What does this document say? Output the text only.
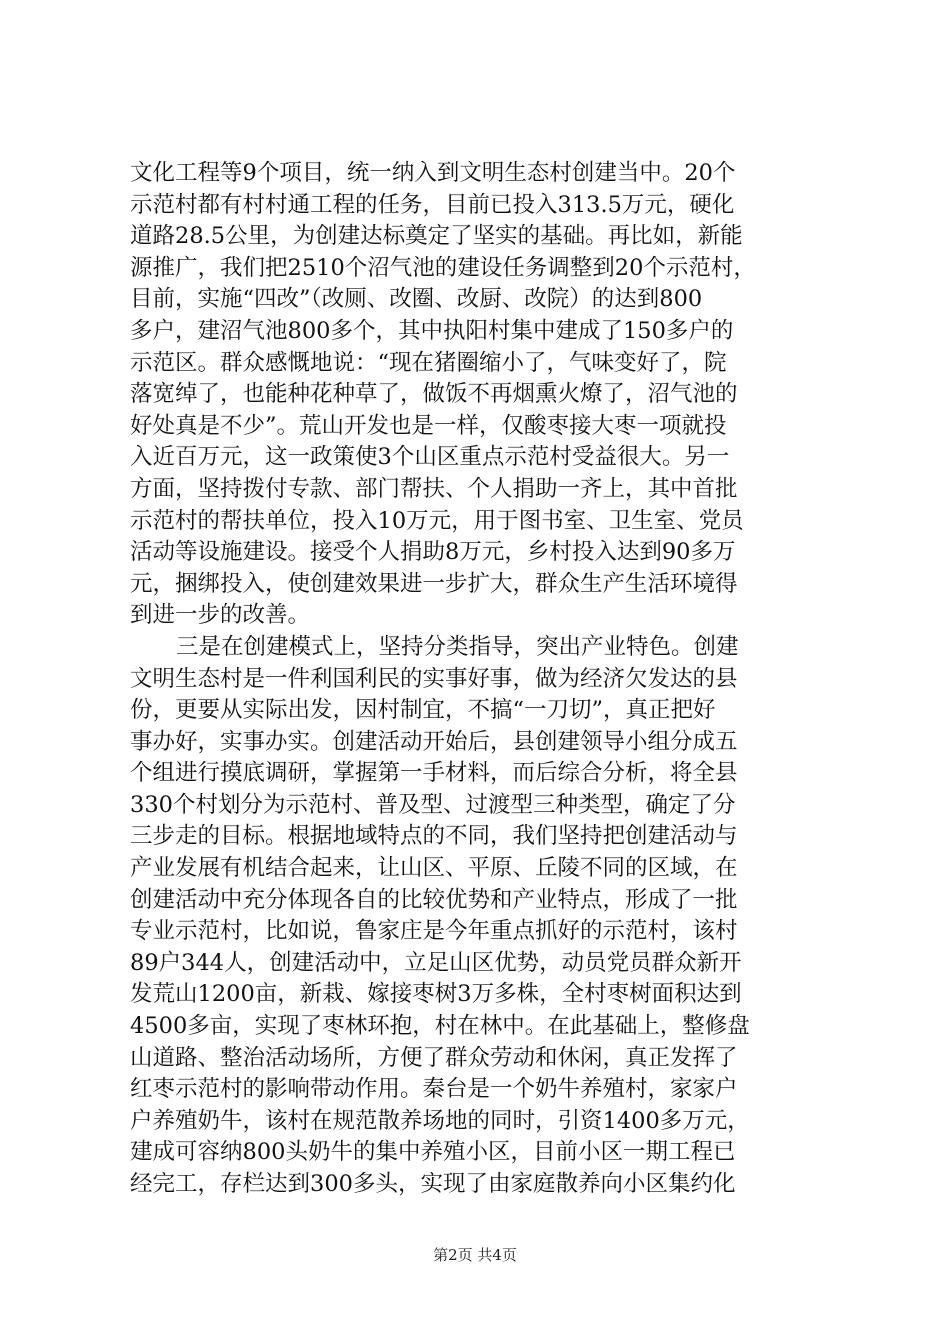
文化工程等9个项目，统一纳入到文明生态村创建当中。20个
示范村都有村村通工程的任务，目前已投入313.5万元，硬化
道路28.5公里，为创建达标奠定了坚实的基础。再比如，新能
源推广，我们把2510个沼气池的建设任务调整到20个示范村，
目前，实施“四改”（改厕、改圈、改厨、改院）的达到800
多户，建沼气池800多个，其中执阳村集中建成了150多户的
示范区。群众感慨地说：“现在猪圈缩小了，气味变好了，院
落宽绰了，也能种花种草了，做饭不再烟熏火燎了，沼气池的
好处真是不少”。荒山开发也是一样，仅酸枣接大枣一项就投
入近百万元，这一政策使3个山区重点示范村受益很大。另一
方面，坚持拨付专款、部门帮扶、个人捐助一齐上，其中首批
示范村的帮扶单位，投入10万元，用于图书室、卫生室、党员
活动等设施建设。接受个人捐助8万元，乡村投入达到90多万
元，捆绑投入，使创建效果进一步扩大，群众生产生活环境得
到进一步的改善。
三是在创建模式上，坚持分类指导，突出产业特色。创建
文明生态村是一件利国利民的实事好事，做为经济欠发达的县
份，更要从实际出发，因村制宜，不搞“一刀切”，真正把好
事办好，实事办实。创建活动开始后，县创建领导小组分成五
个组进行摸底调研，掌握第一手材料，而后综合分析，将全县
330个村划分为示范村、普及型、过渡型三种类型，确定了分
三步走的目标。根据地域特点的不同，我们坚持把创建活动与
产业发展有机结合起来，让山区、平原、丘陵不同的区域，在
创建活动中充分体现各自的比较优势和产业特点，形成了一批
专业示范村，比如说，鲁家庄是今年重点抓好的示范村，该村
89户344人，创建活动中，立足山区优势，动员党员群众新开
发荒山1200亩，新栽、嫁接枣树3万多株，全村枣树面积达到
4500多亩，实现了枣林环抱，村在林中。在此基础上，整修盘
山道路、整治活动场所，方便了群众劳动和休闲，真正发挥了
红枣示范村的影响带动作用。秦台是一个奶牛养殖村，家家户
户养殖奶牛，该村在规范散养场地的同时，引资1400多万元，
建成可容纳800头奶牛的集中养殖小区，目前小区一期工程已
经完工，存栏达到300多头，实现了由家庭散养向小区集约化
第2页 共4页
